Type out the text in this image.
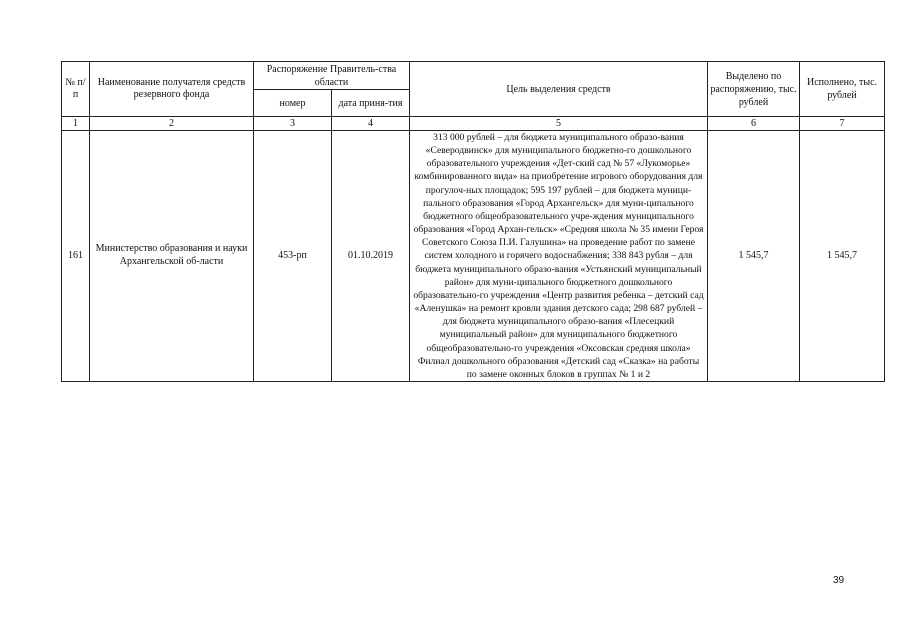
№ п/п	Наименование получателя средств резервного фонда	Распоряжение Правитель-ства области		Цель выделения средств	Выделено по распоряжению, тыс. рублей	Исполнено, тыс. рублей
		номер	дата приня-тия			
1	2	3	4	5	6	7
161	Министерство образования и науки Архангельской об-ласти	453-рп	01.10.2019	313 000 рублей – для бюджета муниципального образо-вания «Северодвинск» для муниципального бюджетно-го дошкольного образовательного учреждения «Дет-ский сад № 57 «Лукоморье» комбинированного вида» на приобретение игрового оборудования для прогулоч-ных площадок; 595 197 рублей – для бюджета муници-пального образования «Город Архангельск» для муни-ципального бюджетного общеобразовательного учре-ждения муниципального образования «Город Архан-гельск» «Средняя школа № 35 имени Героя Советского Союза П.И. Галушина» на проведение работ по замене систем холодного и горячего водоснабжения; 338 843 рубля – для бюджета муниципального образо-вания «Устьянский муниципальный район» для муни-ципального бюджетного дошкольного образовательно-го учреждения «Центр развития ребенка – детский сад «Аленушка» на ремонт кровли здания детского сада; 298 687 рублей – для бюджета муниципального образо-вания «Плесецкий муниципальный район» для муниципального бюджетного общеобразовательно-го учреждения «Оксовская средняя школа» Филиал дошкольного образования «Детский сад «Сказка» на работы по замене оконных блоков в группах № 1 и 2	1 545,7	1 545,7
39
